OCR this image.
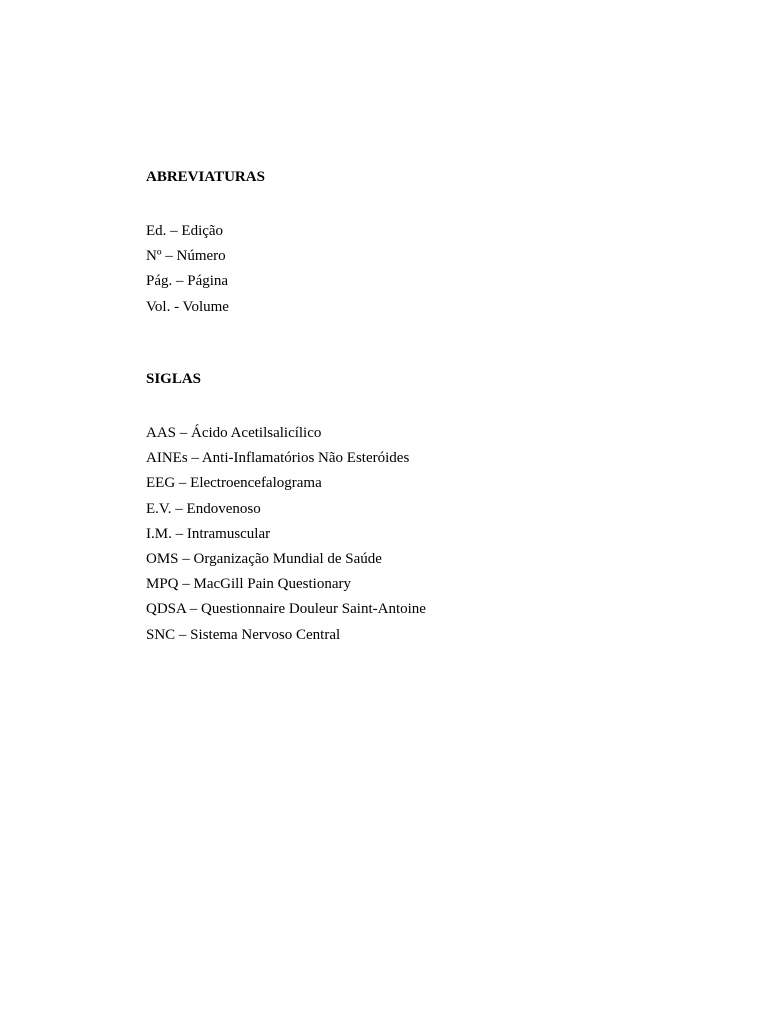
ABREVIATURAS
Ed. – Edição
Nº – Número
Pág. – Página
Vol. - Volume
SIGLAS
AAS – Ácido Acetilsalicílico
AINEs – Anti-Inflamatórios Não Esteróides
EEG – Electroencefalograma
E.V. – Endovenoso
I.M. – Intramuscular
OMS – Organização Mundial de Saúde
MPQ – MacGill Pain Questionary
QDSA – Questionnaire Douleur Saint-Antoine
SNC – Sistema Nervoso Central
